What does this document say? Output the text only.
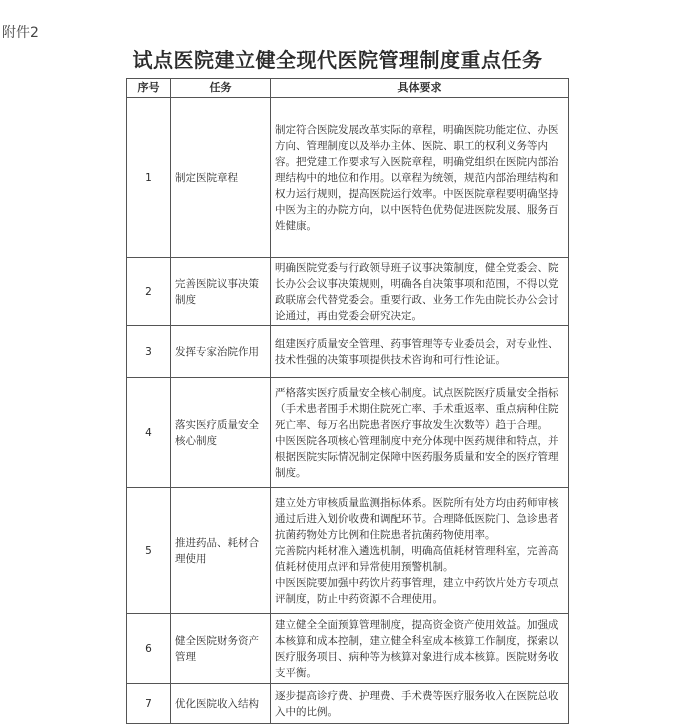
附件2
试点医院建立健全现代医院管理制度重点任务
序号	任务	具体要求
1	制定医院章程	制定符合医院发展改革实际的章程，明确医院功能定位、办医方向、管理制度以及举办主体、医院、职工的权利义务等内容。把党建工作要求写入医院章程，明确党组织在医院内部治理结构中的地位和作用。以章程为统领，规范内部治理结构和权力运行规则，提高医院运行效率。中医医院章程要明确坚持中医为主的办院方向，以中医特色优势促进医院发展、服务百姓健康。
2	完善医院议事决策制度	明确医院党委与行政领导班子议事决策制度，健全党委会、院长办公会议事决策规则，明确各自决策事项和范围，不得以党政联席会代替党委会。重要行政、业务工作先由院长办公会讨论通过，再由党委会研究决定。
3	发挥专家治院作用	组建医疗质量安全管理、药事管理等专业委员会，对专业性、技术性强的决策事项提供技术咨询和可行性论证。
4	落实医疗质量安全核心制度	严格落实医疗质量安全核心制度。试点医院医疗质量安全指标（手术患者围手术期住院死亡率、手术重返率、重点病种住院死亡率、每万名出院患者医疗事故发生次数等）趋于合理。
中医医院各项核心管理制度中充分体现中医药规律和特点，并根据医院实际情况制定保障中医药服务质量和安全的医疗管理制度。
5	推进药品、耗材合理使用	建立处方审核质量监测指标体系。医院所有处方均由药师审核通过后进入划价收费和调配环节。合理降低医院门、急诊患者抗菌药物处方比例和住院患者抗菌药物使用率。
完善院内耗材准入遴选机制，明确高值耗材管理科室，完善高值耗材使用点评和异常使用预警机制。
中医医院要加强中药饮片药事管理，建立中药饮片处方专项点评制度，防止中药资源不合理使用。
6	健全医院财务资产管理	建立健全全面预算管理制度，提高资金资产使用效益。加强成本核算和成本控制，建立健全科室成本核算工作制度，探索以医疗服务项目、病种等为核算对象进行成本核算。医院财务收支平衡。
7	优化医院收入结构	逐步提高诊疗费、护理费、手术费等医疗服务收入在医院总收入中的比例。
